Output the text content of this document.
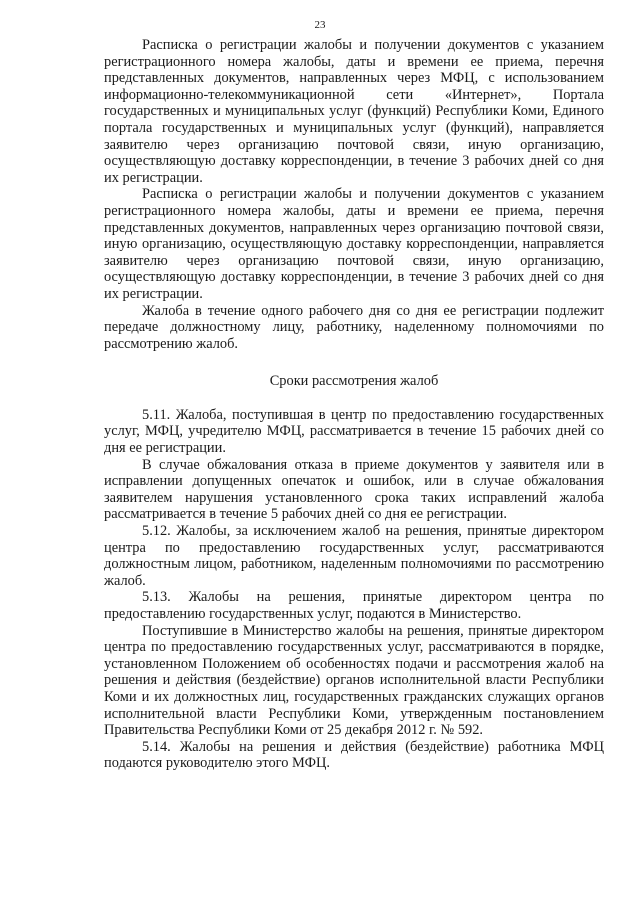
23

Расписка о регистрации жалобы и получении документов с указанием регистрационного номера жалобы, даты и времени ее приема, перечня представленных документов, направленных через МФЦ, с использованием информационно-телекоммуникационной сети «Интернет», Портала государственных и муниципальных услуг (функций) Республики Коми, Единого портала государственных и муниципальных услуг (функций), направляется заявителю через организацию почтовой связи, иную организацию, осуществляющую доставку корреспонденции, в течение 3 рабочих дней со дня их регистрации.

Расписка о регистрации жалобы и получении документов с указанием регистрационного номера жалобы, даты и времени ее приема, перечня представленных документов, направленных через организацию почтовой связи, иную организацию, осуществляющую доставку корреспонденции, направляется заявителю через организацию почтовой связи, иную организацию, осуществляющую доставку корреспонденции, в течение 3 рабочих дней со дня их регистрации.

Жалоба в течение одного рабочего дня со дня ее регистрации подлежит передаче должностному лицу, работнику, наделенному полномочиями по рассмотрению жалоб.

Сроки рассмотрения жалоб

5.11. Жалоба, поступившая в центр по предоставлению государственных услуг, МФЦ, учредителю МФЦ, рассматривается в течение 15 рабочих дней со дня ее регистрации.

В случае обжалования отказа в приеме документов у заявителя или в исправлении допущенных опечаток и ошибок, или в случае обжалования заявителем нарушения установленного срока таких исправлений жалоба рассматривается в течение 5 рабочих дней со дня ее регистрации.

5.12. Жалобы, за исключением жалоб на решения, принятые директором центра по предоставлению государственных услуг, рассматриваются должностным лицом, работником, наделенным полномочиями по рассмотрению жалоб.

5.13. Жалобы на решения, принятые директором центра по предоставлению государственных услуг, подаются в Министерство.

Поступившие в Министерство жалобы на решения, принятые директором центра по предоставлению государственных услуг, рассматриваются в порядке, установленном Положением об особенностях подачи и рассмотрения жалоб на решения и действия (бездействие) органов исполнительной власти Республики Коми и их должностных лиц, государственных гражданских служащих органов исполнительной власти Республики Коми, утвержденным постановлением Правительства Республики Коми от 25 декабря 2012 г. № 592.

5.14. Жалобы на решения и действия (бездействие) работника МФЦ подаются руководителю этого МФЦ.
